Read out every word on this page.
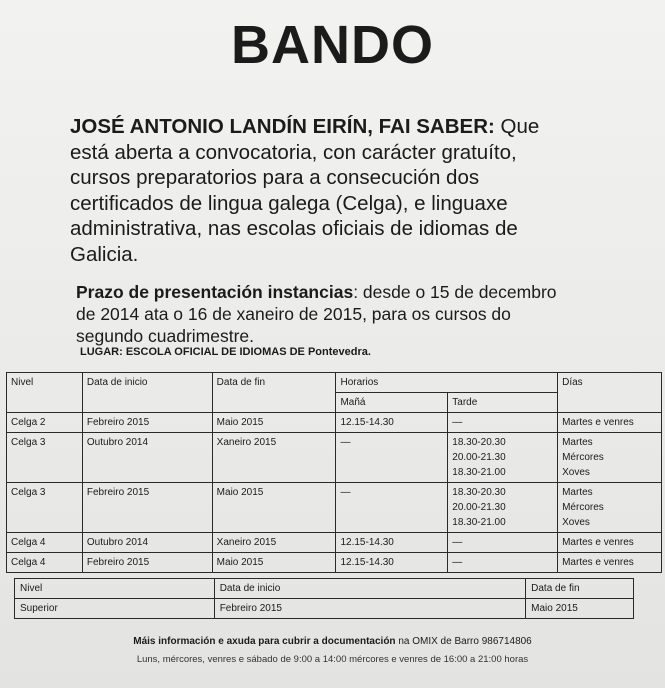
BANDO
JOSÉ ANTONIO LANDÍN EIRÍN, FAI SABER: Que está aberta a convocatoria, con carácter gratuíto, cursos preparatorios para a consecución dos certificados de lingua galega (Celga), e linguaxe administrativa, nas escolas oficiais de idiomas de Galicia.
Prazo de presentación instancias: desde o 15 de decembro de 2014 ata o 16 de xaneiro de 2015, para os cursos do segundo cuadrimestre.
LUGAR: ESCOLA OFICIAL DE IDIOMAS DE Pontevedra.
Nivel	Data de inicio	Data de fin	Horarios		Días
			Mañá	Tarde	
Celga 2	Febreiro 2015	Maio 2015	12.15-14.30	—	Martes e venres
Celga 3	Outubro 2014	Xaneiro 2015	—	18.30-20.30
20.00-21.30
18.30-21.00	Martes
Mércores
Xoves
Celga 3	Febreiro 2015	Maio 2015	—	18.30-20.30
20.00-21.30
18.30-21.00	Martes
Mércores
Xoves
Celga 4	Outubro 2014	Xaneiro 2015	12.15-14.30	—	Martes e venres
Celga 4	Febreiro 2015	Maio 2015	12.15-14.30	—	Martes e venres
Nivel	Data de inicio	Data de fin
Superior	Febreiro 2015	Maio 2015
Máis información e axuda para cubrir a documentación na OMIX de Barro 986714806
Luns, mércores, venres e sábado de 9:00 a 14:00 mércores e venres de 16:00 a 21:00 horas
